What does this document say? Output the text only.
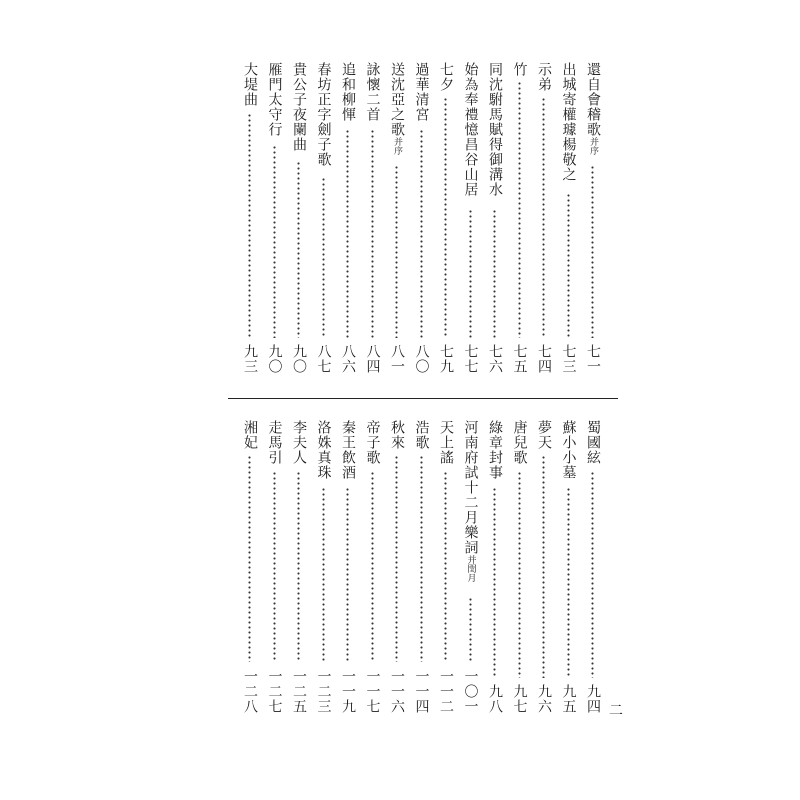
還自會稽歌并序
七一
出城寄權璩楊敬之
七三
示弟
七四
竹
七五
同沈駙馬賦得御溝水
七六
始為奉禮憶昌谷山居
七七
七夕
七九
過華清宮
八〇
送沈亞之歌并序
八一
詠懷二首
八四
追和柳惲
八六
春坊正字劍子歌
八七
貴公子夜闌曲
九〇
雁門太守行
九〇
大堤曲
九三
蜀國絃
九四
蘇小小墓
九五
夢天
九六
唐兒歌
九七
綠章封事
九八
河南府試十二月樂詞并閏月
一〇一
天上謠
一一二
浩歌
一一四
秋來
一一六
帝子歌
一一七
秦王飲酒
一一九
洛姝真珠
一二三
李夫人
一二五
走馬引
一二七
湘妃
一二八	二
